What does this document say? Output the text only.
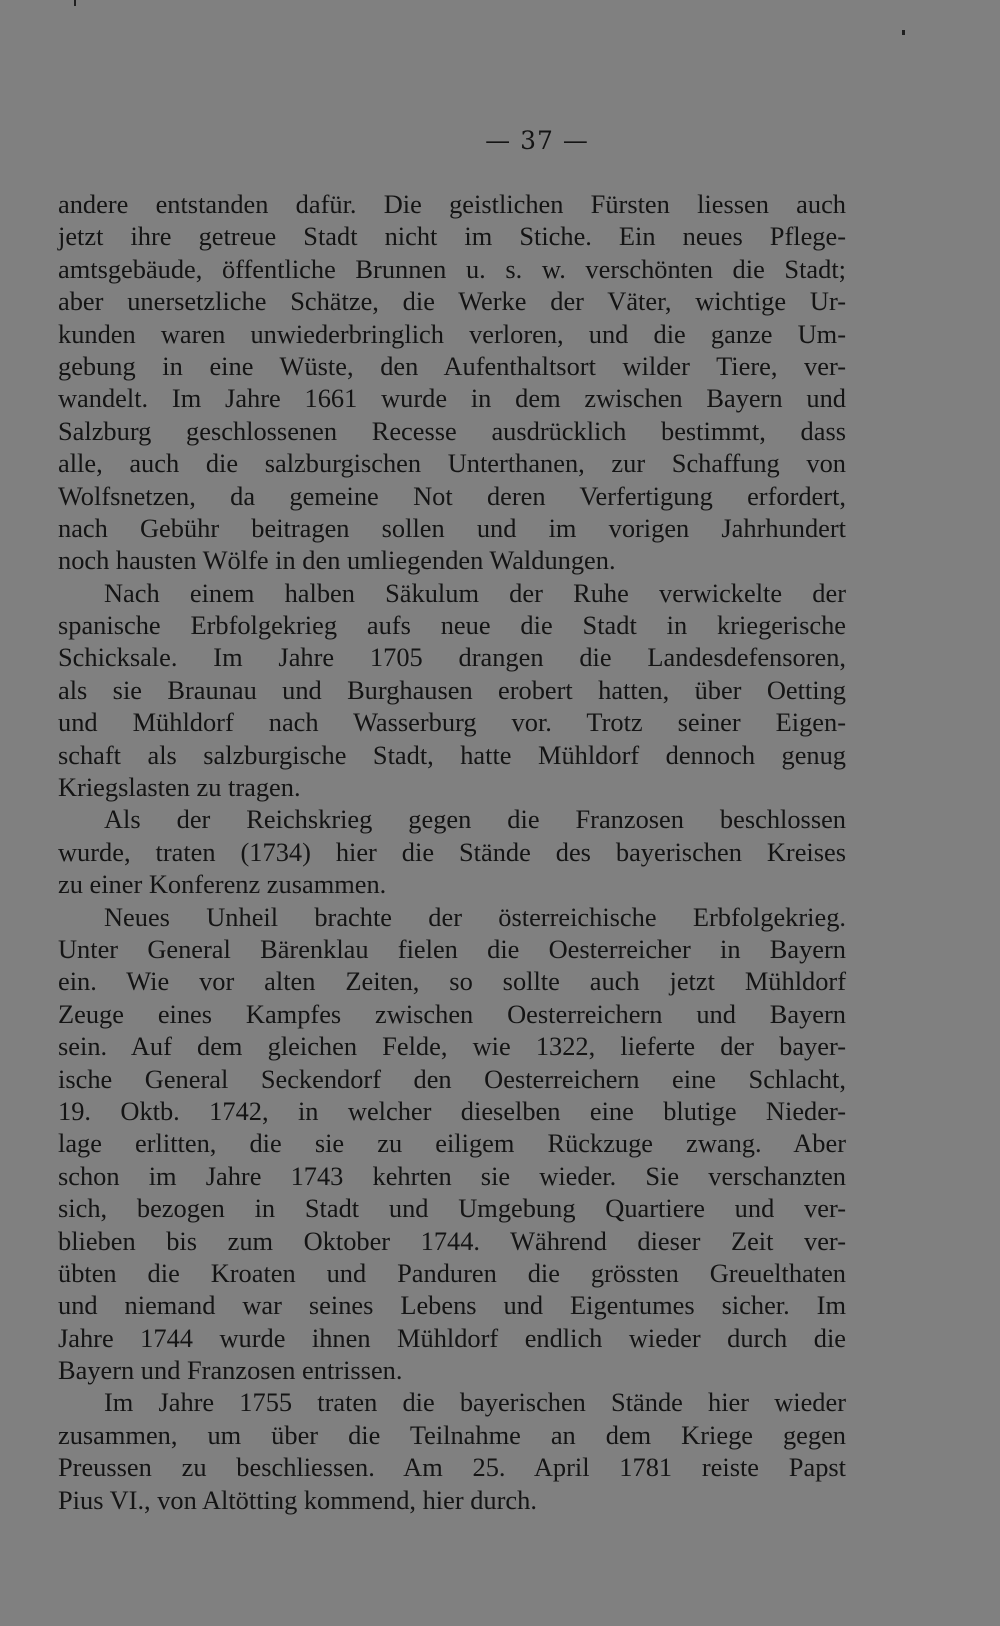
— 37 —
andere entstanden dafür. Die geistlichen Fürsten liessen auch
jetzt ihre getreue Stadt nicht im Stiche. Ein neues Pflege-
amtsgebäude, öffentliche Brunnen u. s. w. verschönten die Stadt;
aber unersetzliche Schätze, die Werke der Väter, wichtige Ur-
kunden waren unwiederbringlich verloren, und die ganze Um-
gebung in eine Wüste, den Aufenthaltsort wilder Tiere, ver-
wandelt. Im Jahre 1661 wurde in dem zwischen Bayern und
Salzburg geschlossenen Recesse ausdrücklich bestimmt, dass
alle, auch die salzburgischen Unterthanen, zur Schaffung von
Wolfsnetzen, da gemeine Not deren Verfertigung erfordert,
nach Gebühr beitragen sollen und im vorigen Jahrhundert
noch hausten Wölfe in den umliegenden Waldungen.
Nach einem halben Säkulum der Ruhe verwickelte der
spanische Erbfolgekrieg aufs neue die Stadt in kriegerische
Schicksale. Im Jahre 1705 drangen die Landesdefensoren,
als sie Braunau und Burghausen erobert hatten, über Oetting
und Mühldorf nach Wasserburg vor. Trotz seiner Eigen-
schaft als salzburgische Stadt, hatte Mühldorf dennoch genug
Kriegslasten zu tragen.
Als der Reichskrieg gegen die Franzosen beschlossen
wurde, traten (1734) hier die Stände des bayerischen Kreises
zu einer Konferenz zusammen.
Neues Unheil brachte der österreichische Erbfolgekrieg.
Unter General Bärenklau fielen die Oesterreicher in Bayern
ein. Wie vor alten Zeiten, so sollte auch jetzt Mühldorf
Zeuge eines Kampfes zwischen Oesterreichern und Bayern
sein. Auf dem gleichen Felde, wie 1322, lieferte der bayer-
ische General Seckendorf den Oesterreichern eine Schlacht,
19. Oktb. 1742, in welcher dieselben eine blutige Nieder-
lage erlitten, die sie zu eiligem Rückzuge zwang. Aber
schon im Jahre 1743 kehrten sie wieder. Sie verschanzten
sich, bezogen in Stadt und Umgebung Quartiere und ver-
blieben bis zum Oktober 1744. Während dieser Zeit ver-
übten die Kroaten und Panduren die grössten Greuelthaten
und niemand war seines Lebens und Eigentumes sicher. Im
Jahre 1744 wurde ihnen Mühldorf endlich wieder durch die
Bayern und Franzosen entrissen.
Im Jahre 1755 traten die bayerischen Stände hier wieder
zusammen, um über die Teilnahme an dem Kriege gegen
Preussen zu beschliessen. Am 25. April 1781 reiste Papst
Pius VI., von Altötting kommend, hier durch.
